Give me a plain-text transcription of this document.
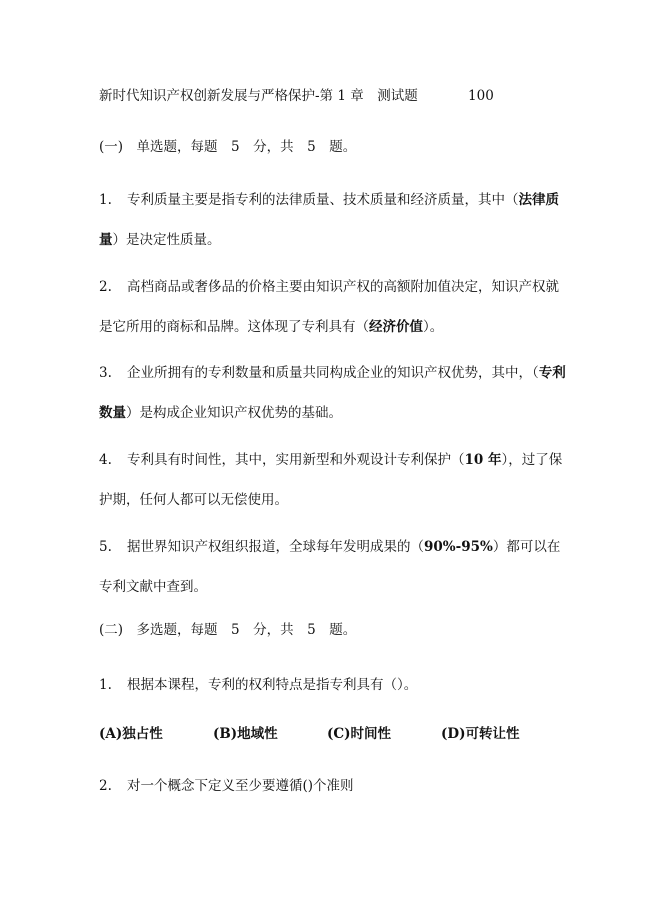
新时代知识产权创新发展与严格保护-第 1 章　测试题	100
(一)　单选题，每题　5　分，共　5　题。
1. 专利质量主要是指专利的法律质量、技术质量和经济质量，其中（法律质量）是决定性质量。
2. 高档商品或奢侈品的价格主要由知识产权的高额附加值决定，知识产权就是它所用的商标和品牌。这体现了专利具有（经济价值）。
3. 企业所拥有的专利数量和质量共同构成企业的知识产权优势，其中，（专利数量）是构成企业知识产权优势的基础。
4. 专利具有时间性，其中，实用新型和外观设计专利保护（10 年），过了保护期，任何人都可以无偿使用。
5. 据世界知识产权组织报道，全球每年发明成果的（90%-95%）都可以在专利文献中查到。
(二)　多选题，每题　5　分，共　5　题。
1. 根据本课程，专利的权利特点是指专利具有（）。
(A)独占性	(B)地域性	(C)时间性	(D)可转让性
2. 对一个概念下定义至少要遵循()个准则
